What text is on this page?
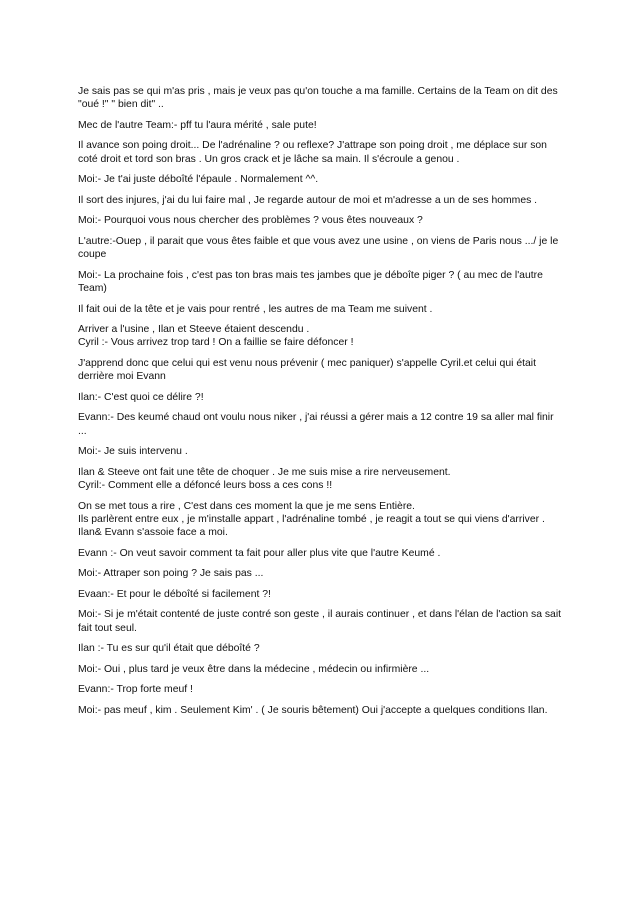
Je sais pas se qui m'as pris , mais je veux pas qu'on touche a ma famille. Certains de la Team on dit des "oué !" " bien dit" ..

Mec de l'autre Team:- pff tu l'aura mérité , sale pute!

Il avance son poing droit... De l'adrénaline ? ou reflexe? J'attrape son poing droit , me déplace sur son coté droit et tord son bras . Un gros crack et je lâche sa main. Il s'écroule a genou .

Moi:- Je t'ai juste déboîté l'épaule . Normalement ^^.

Il sort des injures, j'ai du lui faire mal , Je regarde autour de moi et m'adresse a un de ses hommes .

Moi:- Pourquoi vous nous chercher des problèmes ? vous êtes nouveaux ?

L'autre:-Ouep , il parait que vous êtes faible et que vous avez une usine , on viens de Paris nous .../ je le coupe

Moi:- La prochaine fois , c'est pas ton bras mais tes jambes que je déboîte piger ? ( au mec de l'autre Team)

Il fait oui de la tête et je vais pour rentré , les autres de ma Team me suivent .

Arriver a l'usine , Ilan et Steeve étaient descendu .
Cyril :- Vous arrivez trop tard ! On a faillie se faire défoncer !

J'apprend donc que celui qui est venu nous prévenir ( mec paniquer) s'appelle Cyril.et celui qui était derrière moi Evann

Ilan:- C'est quoi ce délire ?!

Evann:- Des keumé chaud ont voulu nous niker , j'ai réussi a gérer mais a 12 contre 19 sa aller mal finir ...

Moi:- Je suis intervenu .

Ilan & Steeve ont fait une tête de choquer . Je me suis mise a rire nerveusement.
Cyril:- Comment elle a défoncé leurs boss a ces cons !!

On se met tous a rire , C'est dans ces moment la que je me sens Entière.
Ils parlèrent entre eux , je m'installe appart , l'adrénaline tombé , je reagit a tout se qui viens d'arriver .
Ilan& Evann s'assoie face a moi.

Evann :- On veut savoir comment ta fait pour aller plus vite que l'autre Keumé .

Moi:- Attraper son poing ? Je sais pas ...

Evaan:- Et pour le déboîté si facilement ?!

Moi:- Si je m'était contenté de juste contré son geste , il aurais continuer , et dans l'élan de l'action sa sait fait tout seul.

Ilan :- Tu es sur qu'il était que déboîté ?

Moi:- Oui , plus tard je veux être dans la médecine , médecin ou infirmière ...

Evann:- Trop forte meuf !

Moi:- pas meuf , kim . Seulement Kim' . ( Je souris bêtement) Oui j'accepte a quelques conditions Ilan.
